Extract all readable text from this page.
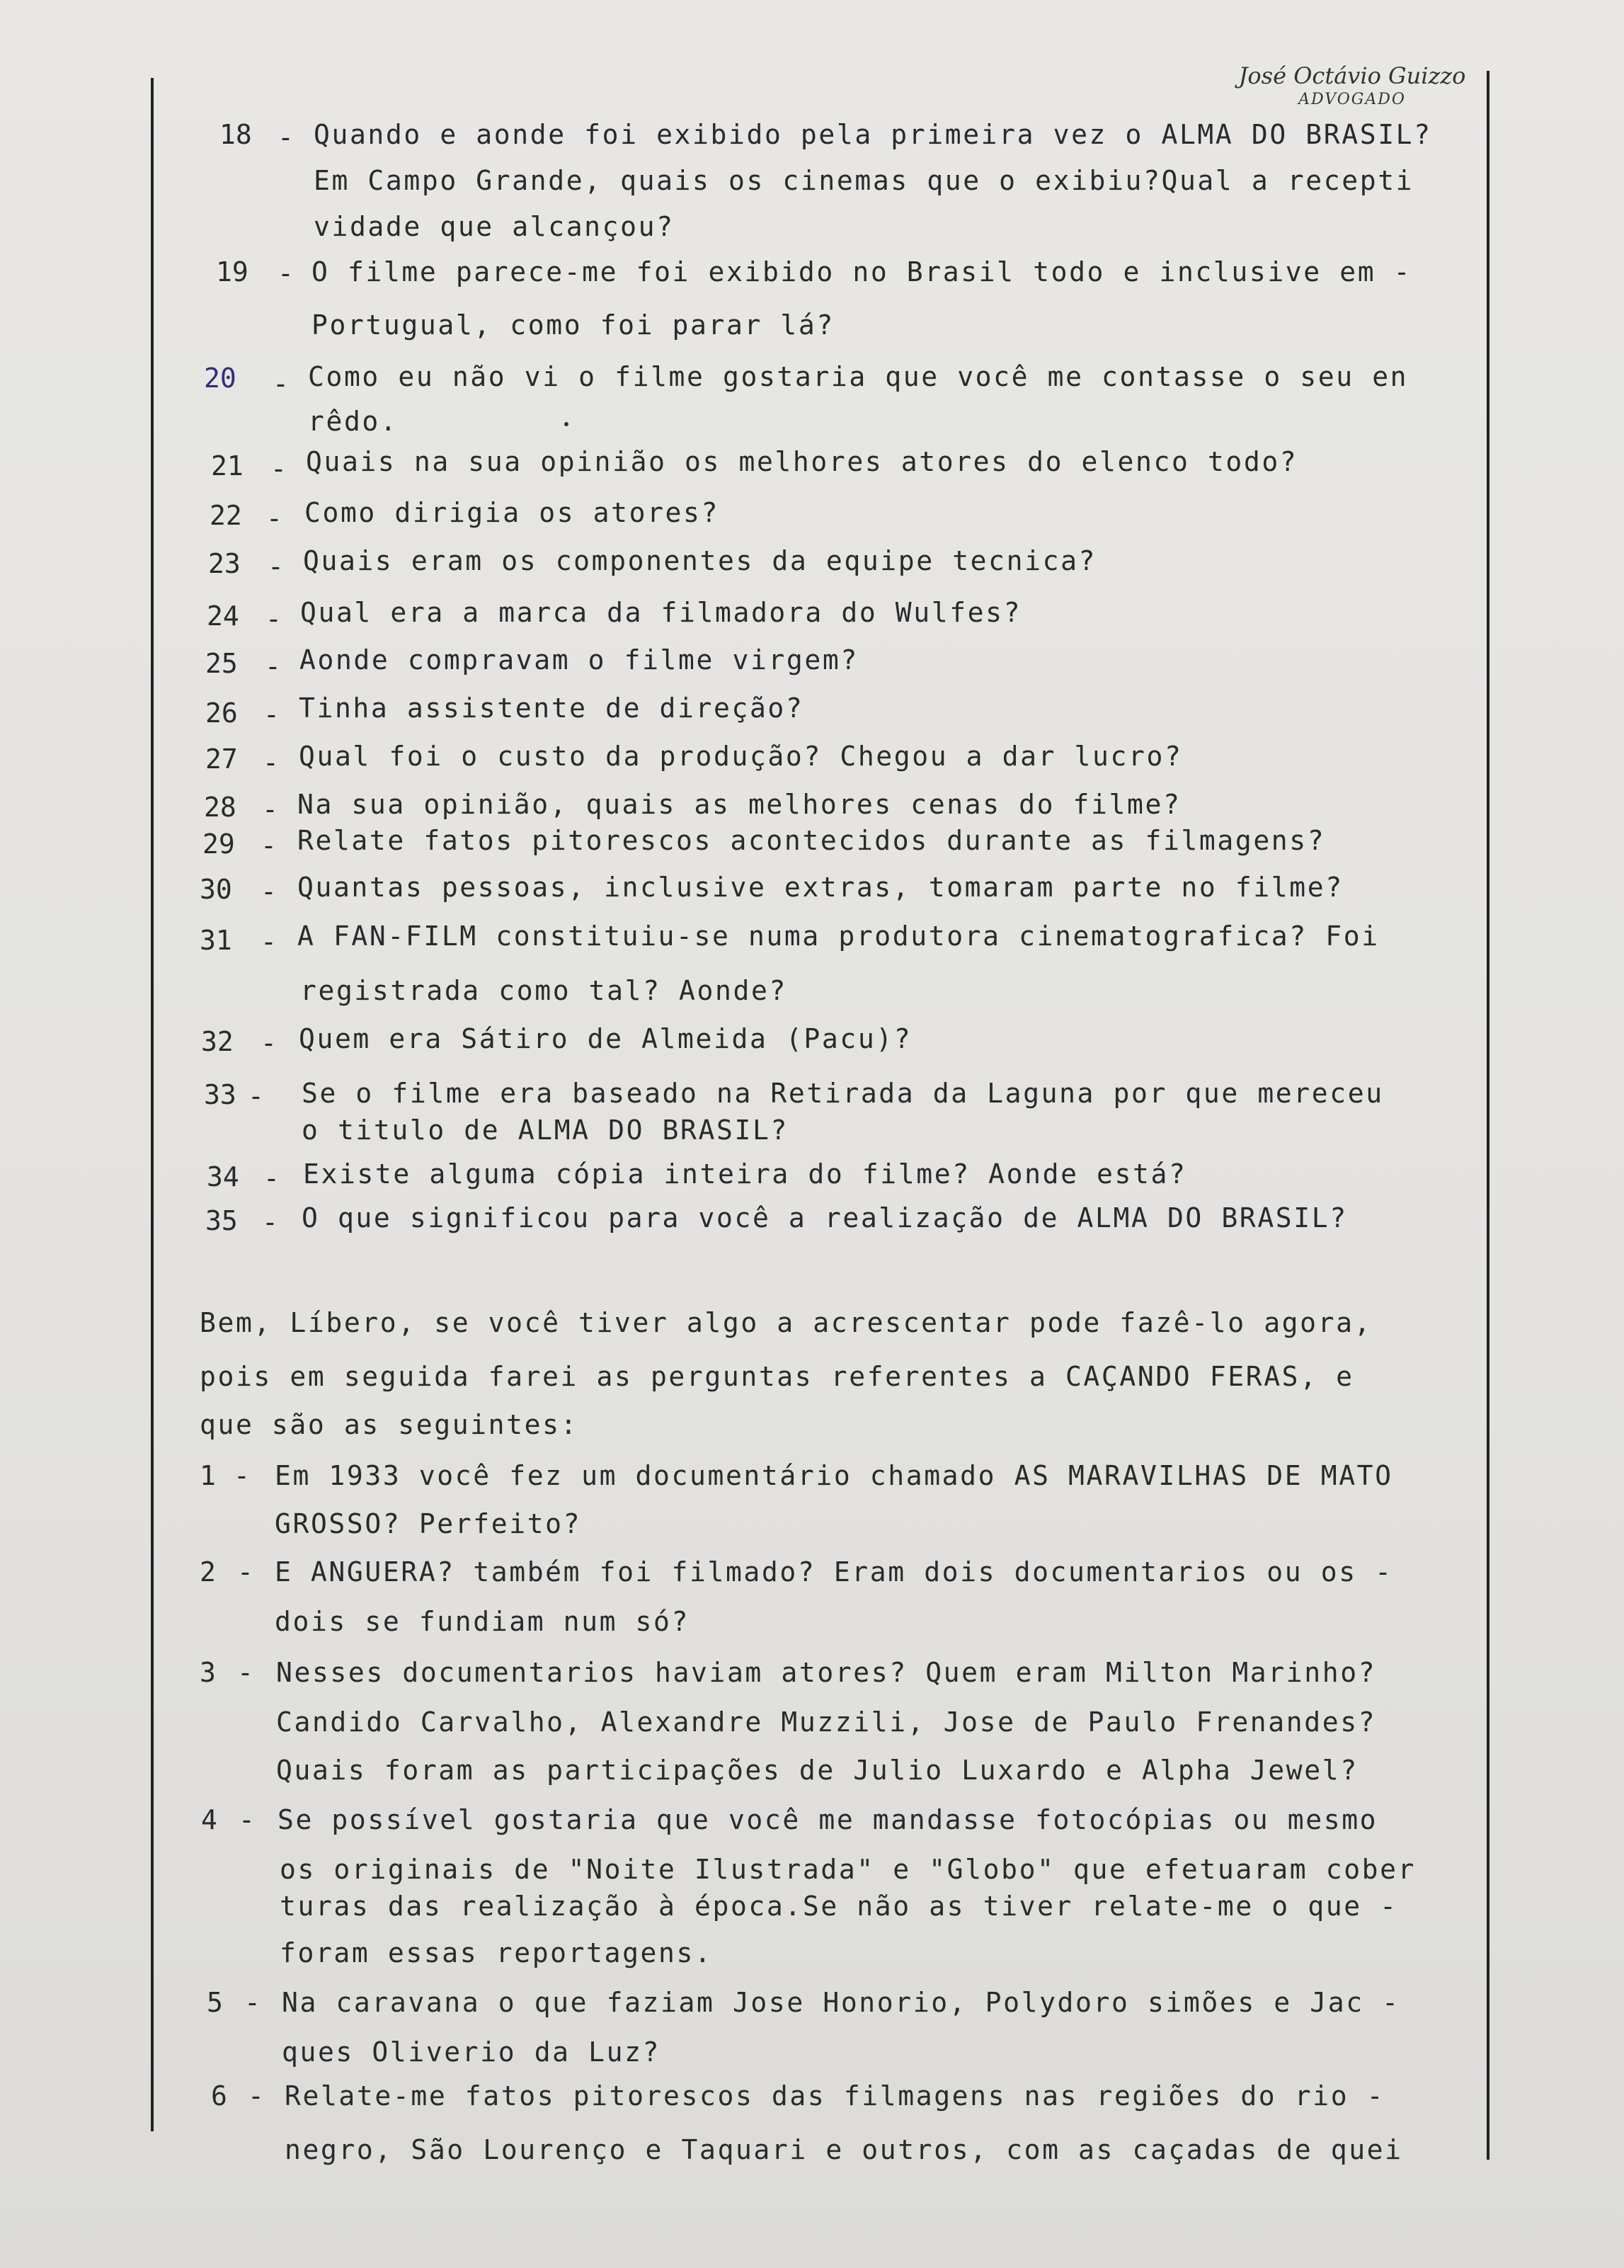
José Octávio Guizzo
ADVOGADO
18 - Quando e aonde foi exibido pela primeira vez o ALMA DO BRASIL?
Em Campo Grande, quais os cinemas que o exibiu?Qual a recepti
vidade que alcançou?
19 - O filme parece-me foi exibido no Brasil todo e inclusive em -
Portugual, como foi parar lá?
20 - Como eu não vi o filme gostaria que você me contasse o seu en
rêdo.
21 - Quais na sua opinião os melhores atores do elenco todo?
22 - Como dirigia os atores?
23 - Quais eram os componentes da equipe tecnica?
24 - Qual era a marca da filmadora do Wulfes?
25 - Aonde compravam o filme virgem?
26 - Tinha assistente de direção?
27 - Qual foi o custo da produção? Chegou a dar lucro?
28 - Na sua opinião, quais as melhores cenas do filme?
29 - Relate fatos pitorescos acontecidos durante as filmagens?
30 - Quantas pessoas, inclusive extras, tomaram parte no filme?
31 - A FAN-FILM constituiu-se numa produtora cinematografica? Foi
registrada como tal? Aonde?
32 - Quem era Sátiro de Almeida (Pacu)?
33 - Se o filme era baseado na Retirada da Laguna por que mereceu
o titulo de ALMA DO BRASIL?
34 - Existe alguma cópia inteira do filme? Aonde está?
35 - O que significou para você a realização de ALMA DO BRASIL?
Bem, Líbero, se você tiver algo a acrescentar pode fazê-lo agora,
pois em seguida farei as perguntas referentes a CAÇANDO FERAS, e
que são as seguintes:
1 - Em 1933 você fez um documentário chamado AS MARAVILHAS DE MATO
GROSSO? Perfeito?
2 - E ANGUERA? também foi filmado? Eram dois documentarios ou os -
dois se fundiam num só?
3 - Nesses documentarios haviam atores? Quem eram Milton Marinho?
Candido Carvalho, Alexandre Muzzili, Jose de Paulo Frenandes?
Quais foram as participações de Julio Luxardo e Alpha Jewel?
4 - Se possível gostaria que você me mandasse fotocópias ou mesmo
os originais de "Noite Ilustrada" e "Globo" que efetuaram cober
turas das realização à época.Se não as tiver relate-me o que -
foram essas reportagens.
5 - Na caravana o que faziam Jose Honorio, Polydoro simões e Jac -
ques Oliverio da Luz?
6 - Relate-me fatos pitorescos das filmagens nas regiões do rio -
negro, São Lourenço e Taquari e outros, com as caçadas de quei
